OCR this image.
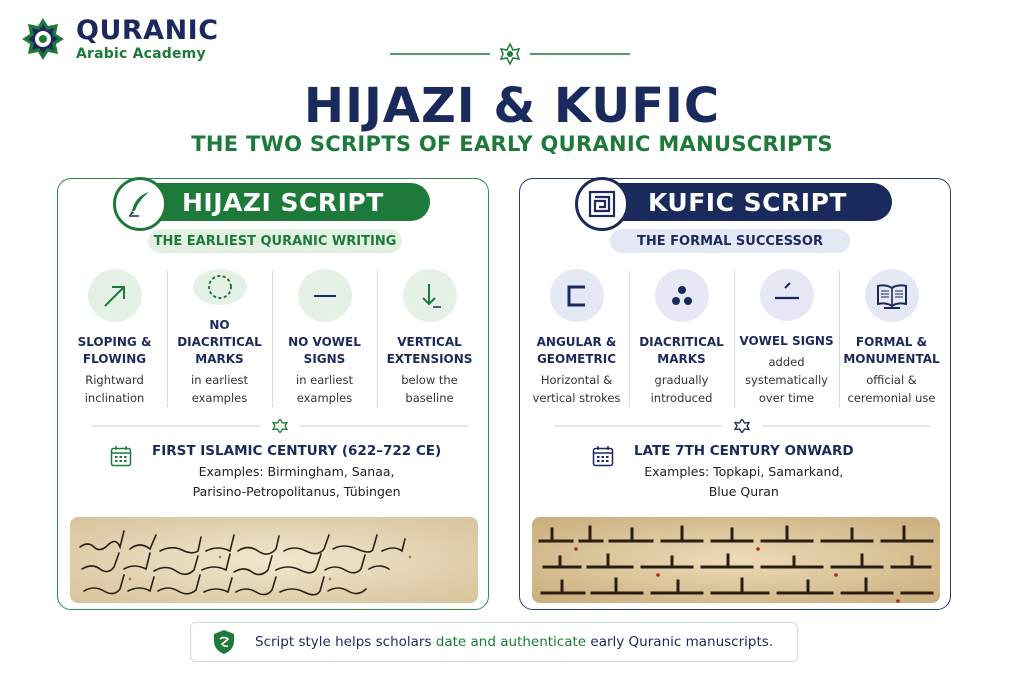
QURANIC
Arabic Academy
HIJAZI & KUFIC
THE TWO SCRIPTS OF EARLY QURANIC MANUSCRIPTS
HIJAZI SCRIPT
THE EARLIEST QURANIC WRITING
SLOPING &
FLOWING
Rightward
inclination
NO DIACRITICAL
MARKS
in earliest
examples
NO VOWEL
SIGNS
in earliest
examples
VERTICAL
EXTENSIONS
below the
baseline
FIRST ISLAMIC CENTURY (622–722 CE)
Examples: Birmingham, Sanaa,
Parisino-Petropolitanus, Tübingen
KUFIC SCRIPT
THE FORMAL SUCCESSOR
ANGULAR &
GEOMETRIC
Horizontal &
vertical strokes
DIACRITICAL
MARKS
gradually
introduced
VOWEL SIGNS
added
systematically
over time
FORMAL &
MONUMENTAL
official &
ceremonial use
LATE 7TH CENTURY ONWARD
Examples: Topkapi, Samarkand,
Blue Quran
Script style helps scholars date and authenticate early Quranic manuscripts.
